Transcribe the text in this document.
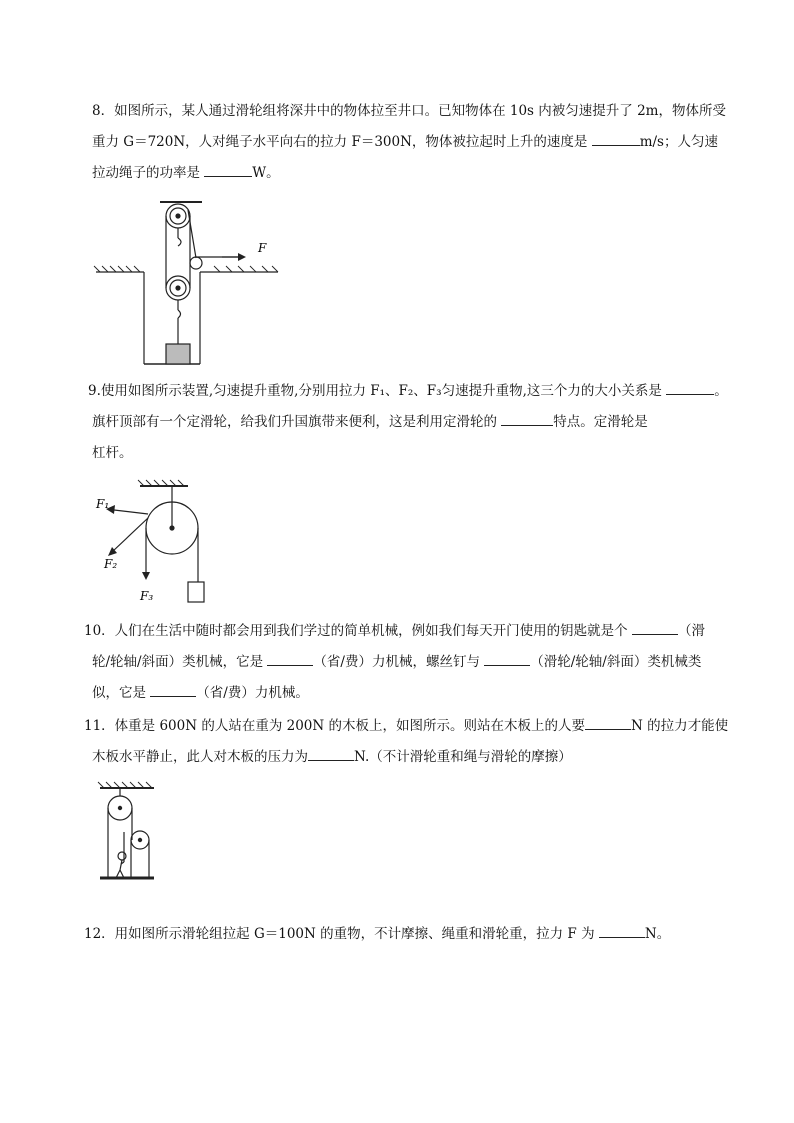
8．如图所示，某人通过滑轮组将深井中的物体拉至井口。已知物体在 10s 内被匀速提升了 2m，物体所受

重力 G＝720N，人对绳子水平向右的拉力 F＝300N，物体被拉起时上升的速度是	m/s；人匀速

拉动绳子的功率是	W。

F

9.使用如图所示装置,匀速提升重物,分别用拉力 F₁、F₂、F₃匀速提升重物,这三个力的大小关系是	。

旗杆顶部有一个定滑轮，给我们升国旗带来便利，这是利用定滑轮的	特点。定滑轮是

杠杆。

F₁
F₂
F₃

10．人们在生活中随时都会用到我们学过的简单机械，例如我们每天开门使用的钥匙就是个	（滑

轮/轮轴/斜面）类机械，它是	（省/费）力机械，螺丝钉与	（滑轮/轮轴/斜面）类机械类

似，它是	（省/费）力机械。

11．体重是 600N 的人站在重为 200N 的木板上，如图所示。则站在木板上的人要	N 的拉力才能使

木板水平静止，此人对木板的压力为	N.（不计滑轮重和绳与滑轮的摩擦）

12．用如图所示滑轮组拉起 G＝100N 的重物，不计摩擦、绳重和滑轮重，拉力 F 为	N。
